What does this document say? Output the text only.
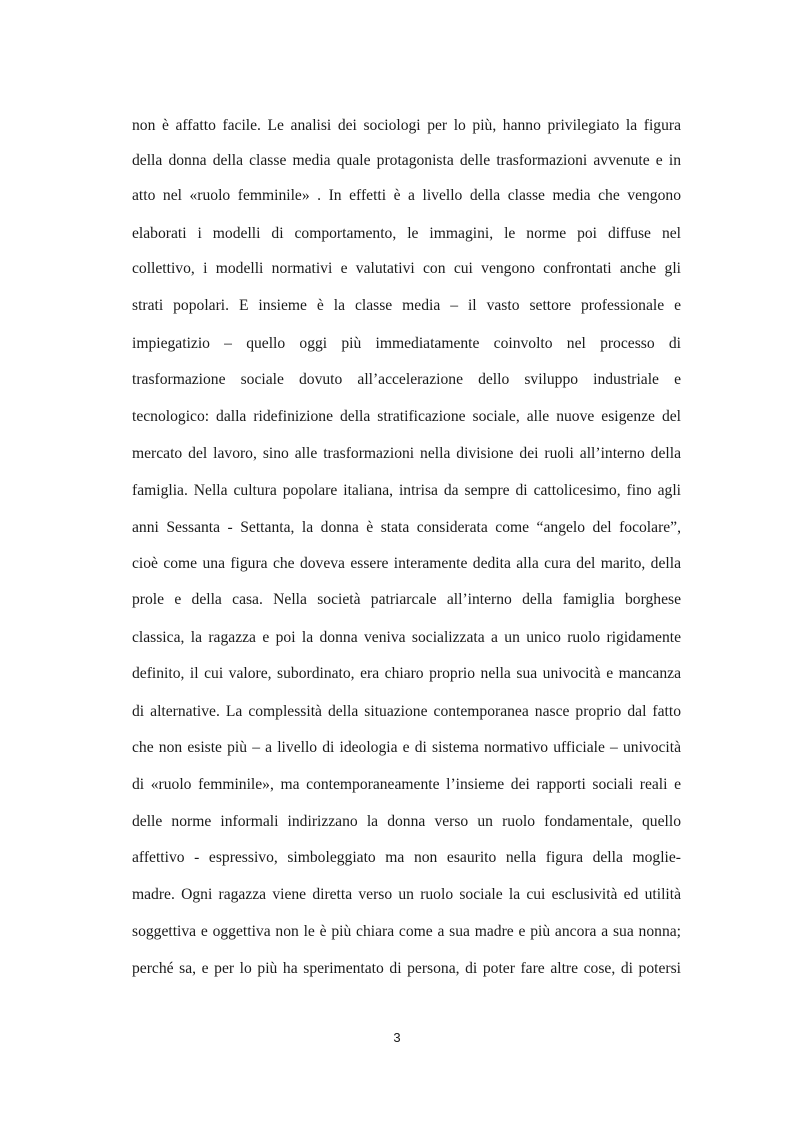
non è affatto facile. Le analisi dei sociologi per lo più, hanno privilegiato la figura
della donna della classe media quale protagonista delle trasformazioni avvenute e in
atto nel «ruolo femminile» . In effetti è a livello della classe media che vengono
elaborati i modelli di comportamento, le immagini, le norme poi diffuse nel
collettivo, i modelli normativi e valutativi con cui vengono confrontati anche gli
strati popolari. E insieme è la classe media – il vasto settore professionale e
impiegatizio – quello oggi più immediatamente coinvolto nel processo di
trasformazione sociale dovuto all’accelerazione dello sviluppo industriale e
tecnologico: dalla ridefinizione della stratificazione sociale, alle nuove esigenze del
mercato del lavoro, sino alle trasformazioni nella divisione dei ruoli all’interno della
famiglia. Nella cultura popolare italiana, intrisa da sempre di cattolicesimo, fino agli
anni Sessanta - Settanta, la donna è stata considerata come “angelo del focolare”,
cioè come una figura che doveva essere interamente dedita alla cura del marito, della
prole e della casa. Nella società patriarcale all’interno della famiglia borghese
classica, la ragazza e poi la donna veniva socializzata a un unico ruolo rigidamente
definito, il cui valore, subordinato, era chiaro proprio nella sua univocità e mancanza
di alternative. La complessità della situazione contemporanea nasce proprio dal fatto
che non esiste più – a livello di ideologia e di sistema normativo ufficiale – univocità
di «ruolo femminile», ma contemporaneamente l’insieme dei rapporti sociali reali e
delle norme informali indirizzano la donna verso un ruolo fondamentale, quello
affettivo - espressivo, simboleggiato ma non esaurito nella figura della moglie-
madre. Ogni ragazza viene diretta verso un ruolo sociale la cui esclusività ed utilità
soggettiva e oggettiva non le è più chiara come a sua madre e più ancora a sua nonna;
perché sa, e per lo più ha sperimentato di persona, di poter fare altre cose, di potersi
3
